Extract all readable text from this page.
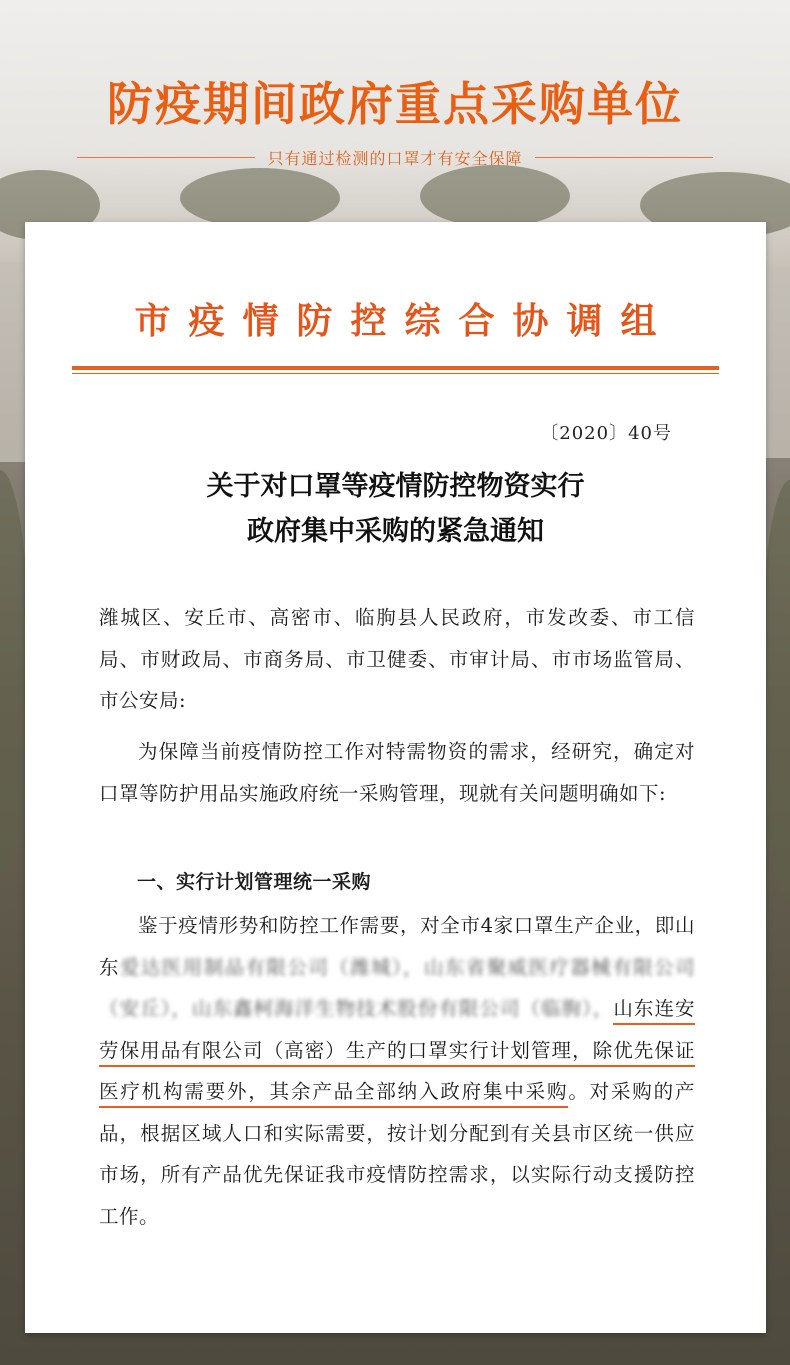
防疫期间政府重点采购单位
只有通过检测的口罩才有安全保障
市疫情防控综合协调组
〔2020〕40号
关于对口罩等疫情防控物资实行
政府集中采购的紧急通知
潍城区、安丘市、高密市、临朐县人民政府，市发改委、市工信局、市财政局、市商务局、市卫健委、市审计局、市市场监管局、市公安局:
为保障当前疫情防控工作对特需物资的需求，经研究，确定对口罩等防护用品实施政府统一采购管理，现就有关问题明确如下:
一、实行计划管理统一采购
鉴于疫情形势和防控工作需要，对全市4家口罩生产企业，即山东爱达医用制品有限公司（潍城），山东省聚威医疗器械有限公司（安丘），山东鑫柯海洋生物技术股份有限公司（临朐），山东连安劳保用品有限公司（高密）生产的口罩实行计划管理，除优先保证医疗机构需要外，其余产品全部纳入政府集中采购。对采购的产品，根据区域人口和实际需要，按计划分配到有关县市区统一供应市场，所有产品优先保证我市疫情防控需求，以实际行动支援防控工作。
